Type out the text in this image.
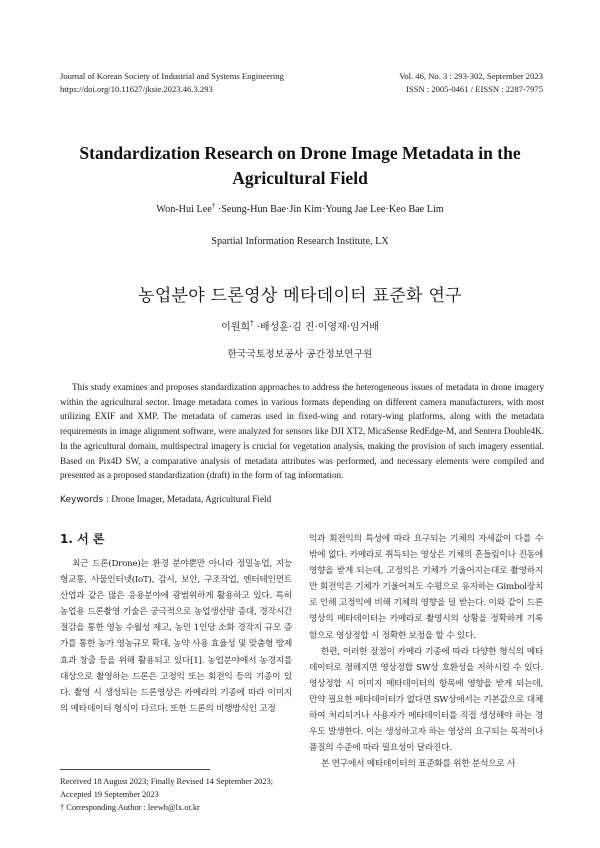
Journal of Korean Society of Industrial and Systems Engineering
https://doi.org/10.11627/jksie.2023.46.3.293
Vol. 46, No. 3 : 293-302, September 2023
ISSN : 2005-0461 / EISSN : 2287-7975
Standardization Research on Drone Image Metadata in the
Agricultural Field
Won-Hui Lee† ·Seung-Hun Bae·Jin Kim·Young Jae Lee·Keo Bae Lim
Spartial Information Research Institute, LX
농업분야 드론영상 메타데이터 표준화 연구
이원희† ·배성훈·김 진·이영재·임거배
한국국토정보공사 공간정보연구원
This study examines and proposes standardization approaches to address the heterogeneous issues of metadata in drone imagery within the agricultural sector. Image metadata comes in various formats depending on different camera manufacturers, with most utilizing EXIF and XMP. The metadata of cameras used in fixed-wing and rotary-wing platforms, along with the metadata requirements in image alignment software, were analyzed for sensors like DJI XT2, MicaSense RedEdge-M, and Sentera Double4K. In the agricultural domain, multispectral imagery is crucial for vegetation analysis, making the provision of such imagery essential. Based on Pix4D SW, a comparative analysis of metadata attributes was performed, and necessary elements were compiled and presented as a proposed standardization (draft) in the form of tag information.
Keywords : Drone Imager, Metadata, Agricultural Field
1. 서 론

최근 드론(Drone)는 환경 분야뿐만 아니라 정밀농업, 지능형교통, 사물인터넷(IoT), 감시, 보안, 구조작업, 엔터테인먼트 산업과 같은 많은 응용분야에 광범위하게 활용하고 있다. 특히 농업용 드론촬영 기술은 궁극적으로 농업생산량 증대, 경작시간 절감을 통한 영농 수월성 제고, 농민 1인당 소화 경작지 규모 증가를 통한 농가 영농규모 확대, 농약 사용 효율성 및 맞춤형 방제 효과 창출 등을 위해 활용되고 있다[1]. 농업분야에서 농경지를 대상으로 촬영하는 드론은 고정익 또는 회전익 등의 기종이 있다. 촬영 시 생성되는 드론영상은 카메라의 기종에 따라 이미지의 메타데이터 형식이 다르다. 또한 드론의 비행방식인 고정

익과 회전익의 특성에 따라 요구되는 기체의 자세값이 다를 수 밖에 없다. 카메라로 취득되는 영상은 기체의 흔들림이나 진동에 영향을 받게 되는데, 고정익은 기체가 기울어지는대로 촬영하지만 회전익은 기체가 기울어져도 수평으로 유지하는 Gimbol장치로 인해 고정익에 비해 기체의 영향을 덜 받는다. 이와 같이 드론영상의 메타데이터는 카메라로 촬영시의 상황을 정확하게 기록함으로 영상정합 시 정확한 보정을 할 수 있다.

한편, 이러한 장점이 카메라 기종에 따라 다양한 형식의 메타데이터로 정해지면 영상정합 SW상 호환성을 저하시킬 수 있다. 영상정합 시 이미지 메타데이터의 항목에 영향을 받게 되는데, 만약 필요한 메타데이터가 없다면 SW상에서는 기본값으로 대체하여 처리되거나 사용자가 메타데이터를 직접 생성해야 하는 경우도 발생한다. 이는 생성하고자 하는 영상의 요구되는 목적이나 품질의 수준에 따라 필요성이 달라진다.

본 연구에서 메타데이터의 표준화를 위한 분석으로 사

Received 18 August 2023; Finally Revised 14 September 2023;
Accepted 19 September 2023
† Corresponding Author : leewh@lx.or.kr
